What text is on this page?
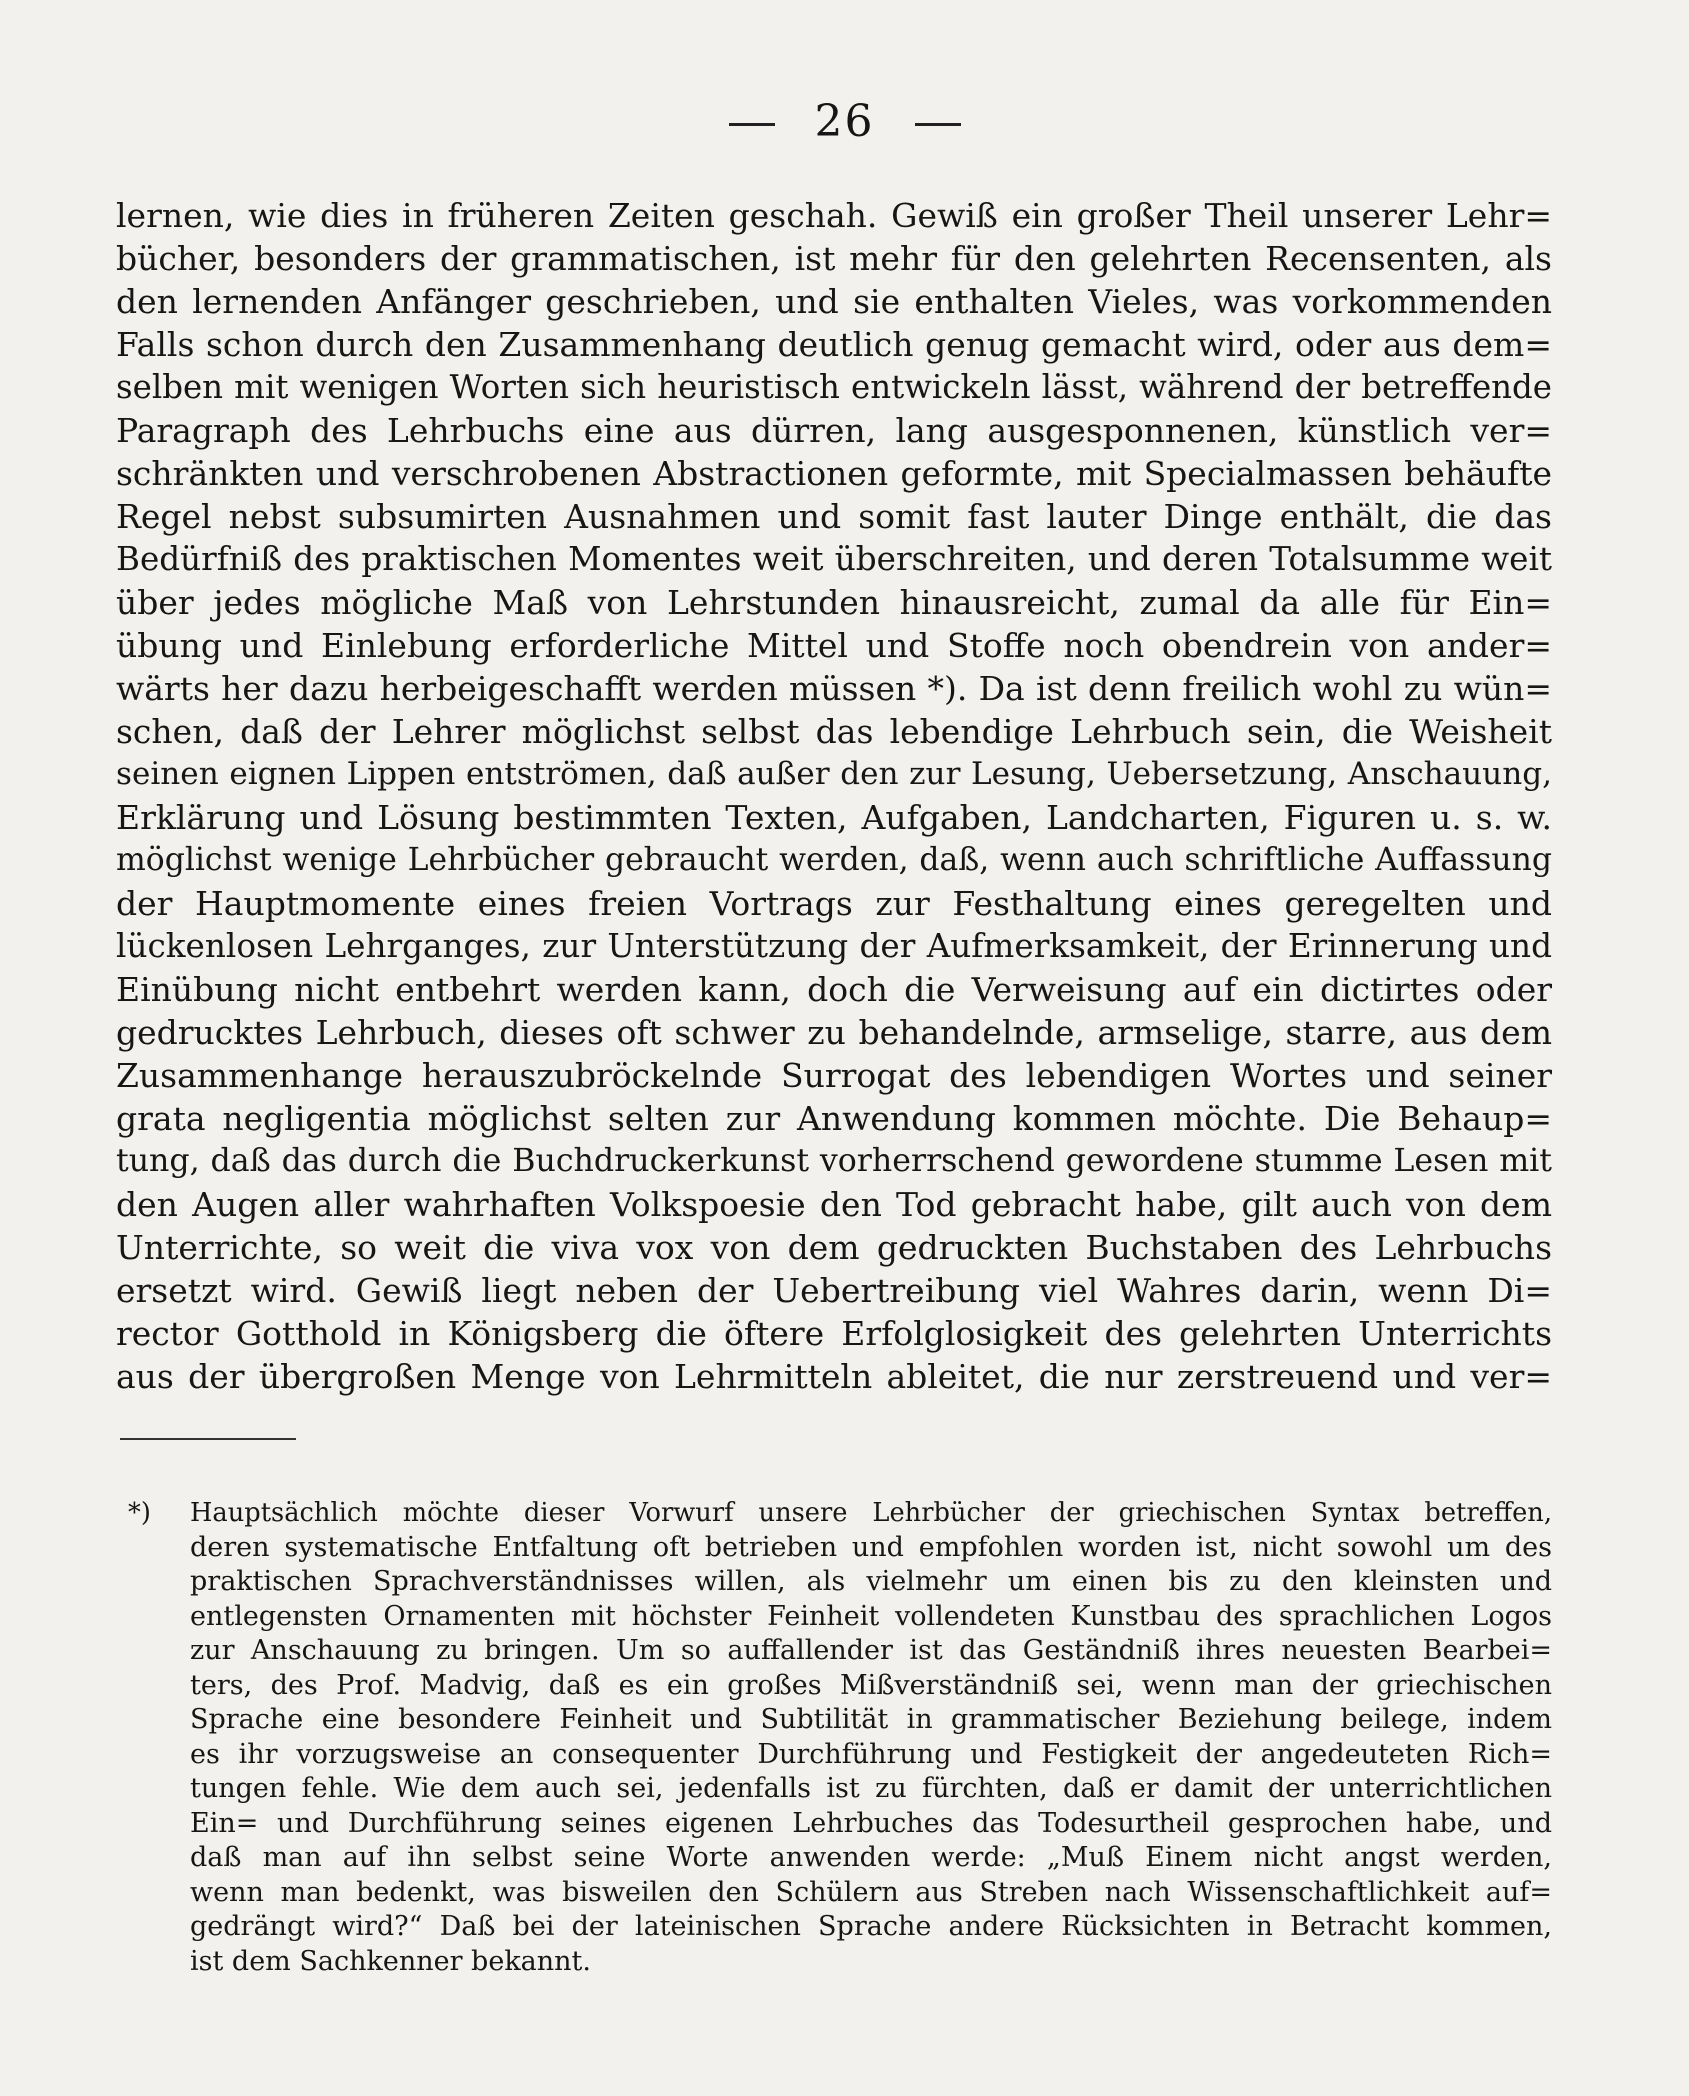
26
lernen, wie dies in früheren Zeiten geschah. Gewiß ein großer Theil unserer Lehr=
bücher, besonders der grammatischen, ist mehr für den gelehrten Recensenten, als
den lernenden Anfänger geschrieben, und sie enthalten Vieles, was vorkommenden
Falls schon durch den Zusammenhang deutlich genug gemacht wird, oder aus dem=
selben mit wenigen Worten sich heuristisch entwickeln lässt, während der betreffende
Paragraph des Lehrbuchs eine aus dürren, lang ausgesponnenen, künstlich ver=
schränkten und verschrobenen Abstractionen geformte, mit Specialmassen behäufte
Regel nebst subsumirten Ausnahmen und somit fast lauter Dinge enthält, die das
Bedürfniß des praktischen Momentes weit überschreiten, und deren Totalsumme weit
über jedes mögliche Maß von Lehrstunden hinausreicht, zumal da alle für Ein=
übung und Einlebung erforderliche Mittel und Stoffe noch obendrein von ander=
wärts her dazu herbeigeschafft werden müssen *). Da ist denn freilich wohl zu wün=
schen, daß der Lehrer möglichst selbst das lebendige Lehrbuch sein, die Weisheit
seinen eignen Lippen entströmen, daß außer den zur Lesung, Uebersetzung, Anschauung,
Erklärung und Lösung bestimmten Texten, Aufgaben, Landcharten, Figuren u. s. w.
möglichst wenige Lehrbücher gebraucht werden, daß, wenn auch schriftliche Auffassung
der Hauptmomente eines freien Vortrags zur Festhaltung eines geregelten und
lückenlosen Lehrganges, zur Unterstützung der Aufmerksamkeit, der Erinnerung und
Einübung nicht entbehrt werden kann, doch die Verweisung auf ein dictirtes oder
gedrucktes Lehrbuch, dieses oft schwer zu behandelnde, armselige, starre, aus dem
Zusammenhange herauszubröckelnde Surrogat des lebendigen Wortes und seiner
grata negligentia möglichst selten zur Anwendung kommen möchte. Die Behaup=
tung, daß das durch die Buchdruckerkunst vorherrschend gewordene stumme Lesen mit
den Augen aller wahrhaften Volkspoesie den Tod gebracht habe, gilt auch von dem
Unterrichte, so weit die viva vox von dem gedruckten Buchstaben des Lehrbuchs
ersetzt wird. Gewiß liegt neben der Uebertreibung viel Wahres darin, wenn Di=
rector Gotthold in Königsberg die öftere Erfolglosigkeit des gelehrten Unterrichts
aus der übergroßen Menge von Lehrmitteln ableitet, die nur zerstreuend und ver=
*) Hauptsächlich möchte dieser Vorwurf unsere Lehrbücher der griechischen Syntax betreffen,
deren systematische Entfaltung oft betrieben und empfohlen worden ist, nicht sowohl um des
praktischen Sprachverständnisses willen, als vielmehr um einen bis zu den kleinsten und
entlegensten Ornamenten mit höchster Feinheit vollendeten Kunstbau des sprachlichen Logos
zur Anschauung zu bringen. Um so auffallender ist das Geständniß ihres neuesten Bearbei=
ters, des Prof. Madvig, daß es ein großes Mißverständniß sei, wenn man der griechischen
Sprache eine besondere Feinheit und Subtilität in grammatischer Beziehung beilege, indem
es ihr vorzugsweise an consequenter Durchführung und Festigkeit der angedeuteten Rich=
tungen fehle. Wie dem auch sei, jedenfalls ist zu fürchten, daß er damit der unterrichtlichen
Ein= und Durchführung seines eigenen Lehrbuches das Todesurtheil gesprochen habe, und
daß man auf ihn selbst seine Worte anwenden werde: „Muß Einem nicht angst werden,
wenn man bedenkt, was bisweilen den Schülern aus Streben nach Wissenschaftlichkeit auf=
gedrängt wird?“ Daß bei der lateinischen Sprache andere Rücksichten in Betracht kommen,
ist dem Sachkenner bekannt.
